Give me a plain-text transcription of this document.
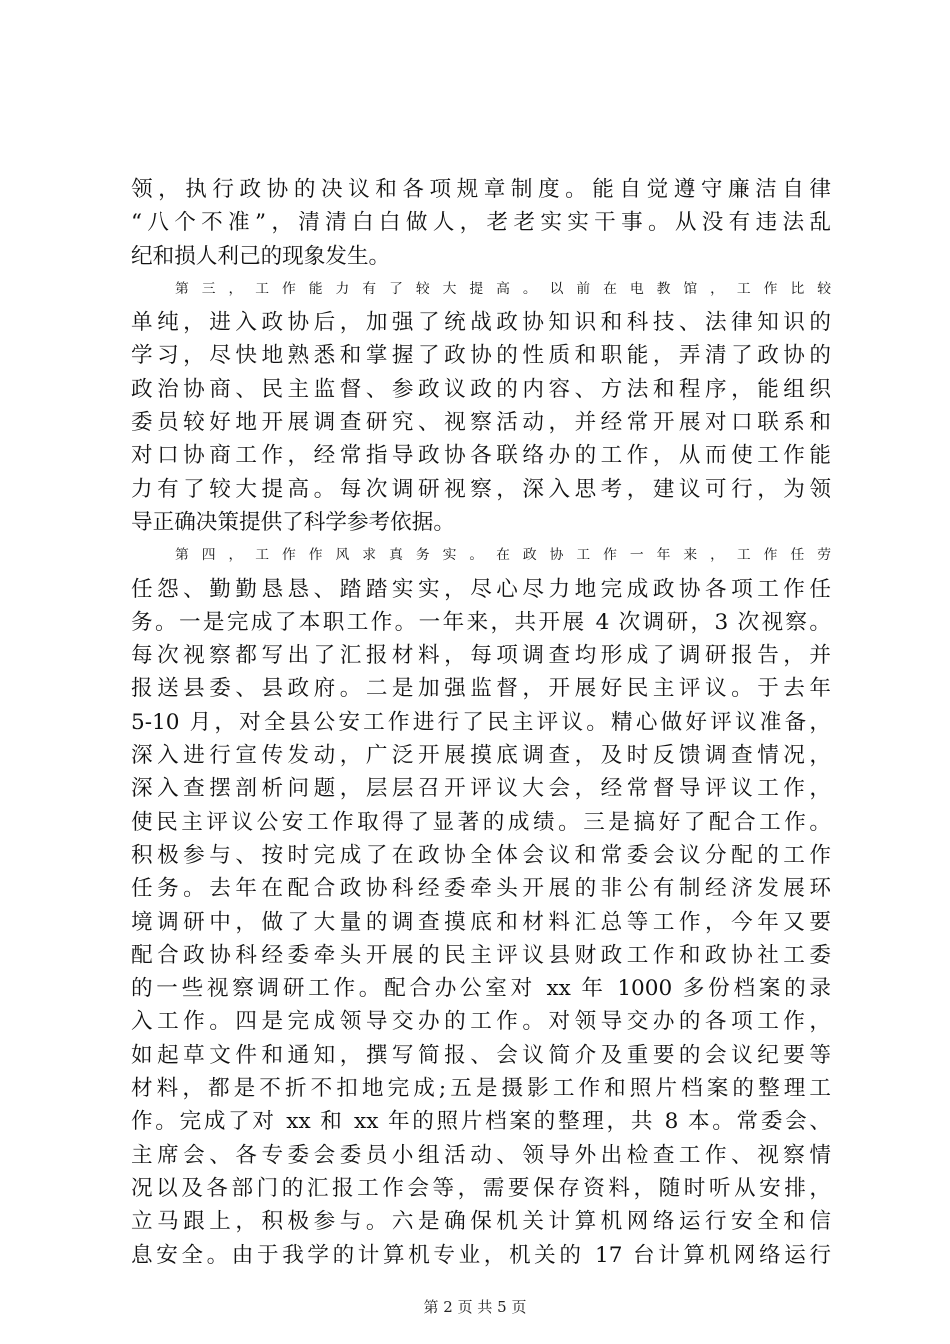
领，执行政协的决议和各项规章制度。能自觉遵守廉洁自律
“八个不准”，清清白白做人，老老实实干事。从没有违法乱
纪和损人利己的现象发生。
第三，工作能力有了较大提高。以前在电教馆，工作比较
单纯，进入政协后，加强了统战政协知识和科技、法律知识的
学习，尽快地熟悉和掌握了政协的性质和职能，弄清了政协的
政治协商、民主监督、参政议政的内容、方法和程序，能组织
委员较好地开展调查研究、视察活动，并经常开展对口联系和
对口协商工作，经常指导政协各联络办的工作，从而使工作能
力有了较大提高。每次调研视察，深入思考，建议可行，为领
导正确决策提供了科学参考依据。
第四，工作作风求真务实。在政协工作一年来，工作任劳
任怨、勤勤恳恳、踏踏实实，尽心尽力地完成政协各项工作任
务。一是完成了本职工作。一年来，共开展 4 次调研，3 次视察。
每次视察都写出了汇报材料，每项调查均形成了调研报告，并
报送县委、县政府。二是加强监督，开展好民主评议。于去年
5-10 月，对全县公安工作进行了民主评议。精心做好评议准备，
深入进行宣传发动，广泛开展摸底调查，及时反馈调查情况，
深入查摆剖析问题，层层召开评议大会，经常督导评议工作，
使民主评议公安工作取得了显著的成绩。三是搞好了配合工作。
积极参与、按时完成了在政协全体会议和常委会议分配的工作
任务。去年在配合政协科经委牵头开展的非公有制经济发展环
境调研中，做了大量的调查摸底和材料汇总等工作，今年又要
配合政协科经委牵头开展的民主评议县财政工作和政协社工委
的一些视察调研工作。配合办公室对 xx 年 1000 多份档案的录
入工作。四是完成领导交办的工作。对领导交办的各项工作，
如起草文件和通知，撰写简报、会议简介及重要的会议纪要等
材料，都是不折不扣地完成;五是摄影工作和照片档案的整理工
作。完成了对 xx 和 xx 年的照片档案的整理，共 8 本。常委会、
主席会、各专委会委员小组活动、领导外出检查工作、视察情
况以及各部门的汇报工作会等，需要保存资料，随时听从安排，
立马跟上，积极参与。六是确保机关计算机网络运行安全和信
息安全。由于我学的计算机专业，机关的 17 台计算机网络运行
第 2 页 共 5 页
